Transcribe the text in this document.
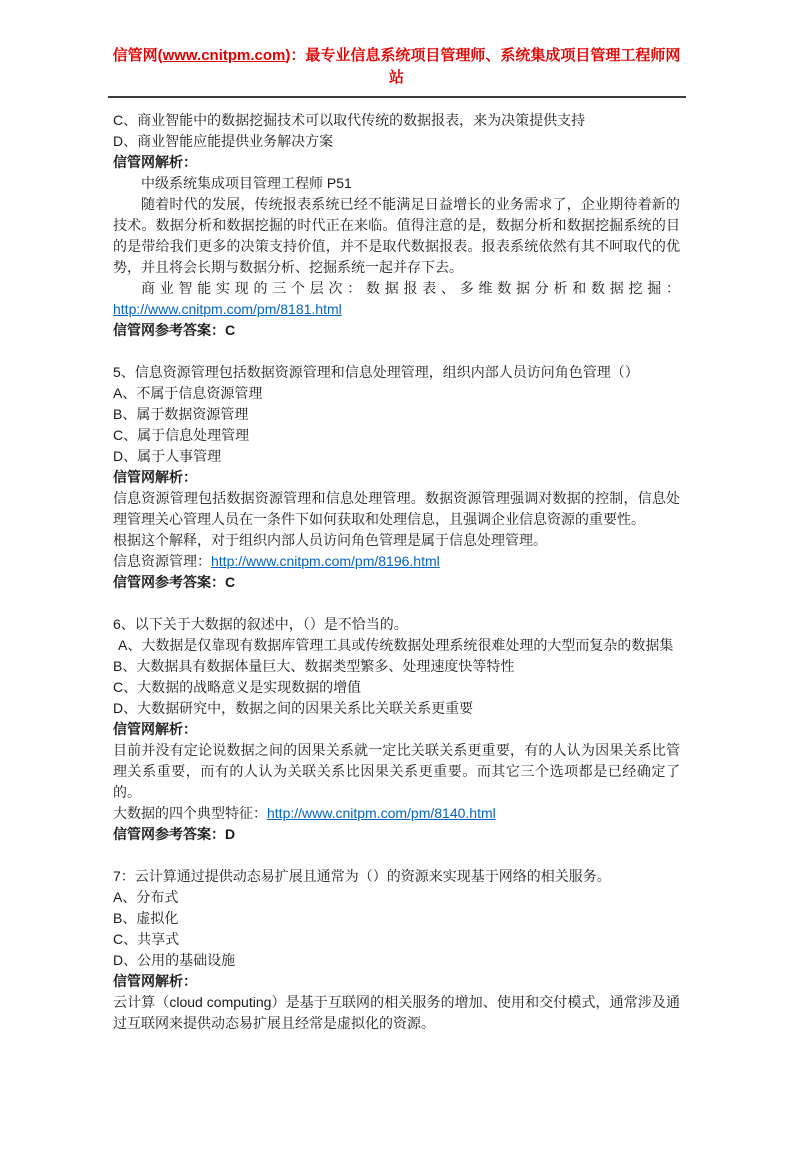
信管网(www.cnitpm.com)：最专业信息系统项目管理师、系统集成项目管理工程师网站

C、商业智能中的数据挖掘技术可以取代传统的数据报表，来为决策提供支持

D、商业智能应能提供业务解决方案

信管网解析：

中级系统集成项目管理工程师 P51

随着时代的发展，传统报表系统已经不能满足日益增长的业务需求了，企业期待着新的技术。数据分析和数据挖掘的时代正在来临。值得注意的是，数据分析和数据挖掘系统的目的是带给我们更多的决策支持价值，并不是取代数据报表。报表系统依然有其不呵取代的优势，并且将会长期与数据分析、挖掘系统一起并存下去。

商业智能实现的三个层次：数据报表、多维数据分析和数据挖掘：http://www.cnitpm.com/pm/8181.html

信管网参考答案：C

5、信息资源管理包括数据资源管理和信息处理管理，组织内部人员访问角色管理（）

A、不属于信息资源管理

B、属于数据资源管理

C、属于信息处理管理

D、属于人事管理

信管网解析：

信息资源管理包括数据资源管理和信息处理管理。数据资源管理强调对数据的控制，信息处理管理关心管理人员在一条件下如何获取和处理信息，且强调企业信息资源的重要性。

根据这个解释，对于组织内部人员访问角色管理是属于信息处理管理。

信息资源管理：http://www.cnitpm.com/pm/8196.html

信管网参考答案：C

6、以下关于大数据的叙述中，（）是不恰当的。

A、大数据是仅靠现有数据库管理工具或传统数据处理系统很难处理的大型而复杂的数据集

B、大数据具有数据体量巨大、数据类型繁多、处理速度快等特性

C、大数据的战略意义是实现数据的增值

D、大数据研究中，数据之间的因果关系比关联关系更重要

信管网解析：

目前并没有定论说数据之间的因果关系就一定比关联关系更重要，有的人认为因果关系比管理关系重要，而有的人认为关联关系比因果关系更重要。而其它三个选项都是已经确定了的。

大数据的四个典型特征：http://www.cnitpm.com/pm/8140.html

信管网参考答案：D

7：云计算通过提供动态易扩展且通常为（）的资源来实现基于网络的相关服务。

A、分布式

B、虚拟化

C、共享式

D、公用的基础设施

信管网解析：

云计算（cloud computing）是基于互联网的相关服务的增加、使用和交付模式，通常涉及通过互联网来提供动态易扩展且经常是虚拟化的资源。
